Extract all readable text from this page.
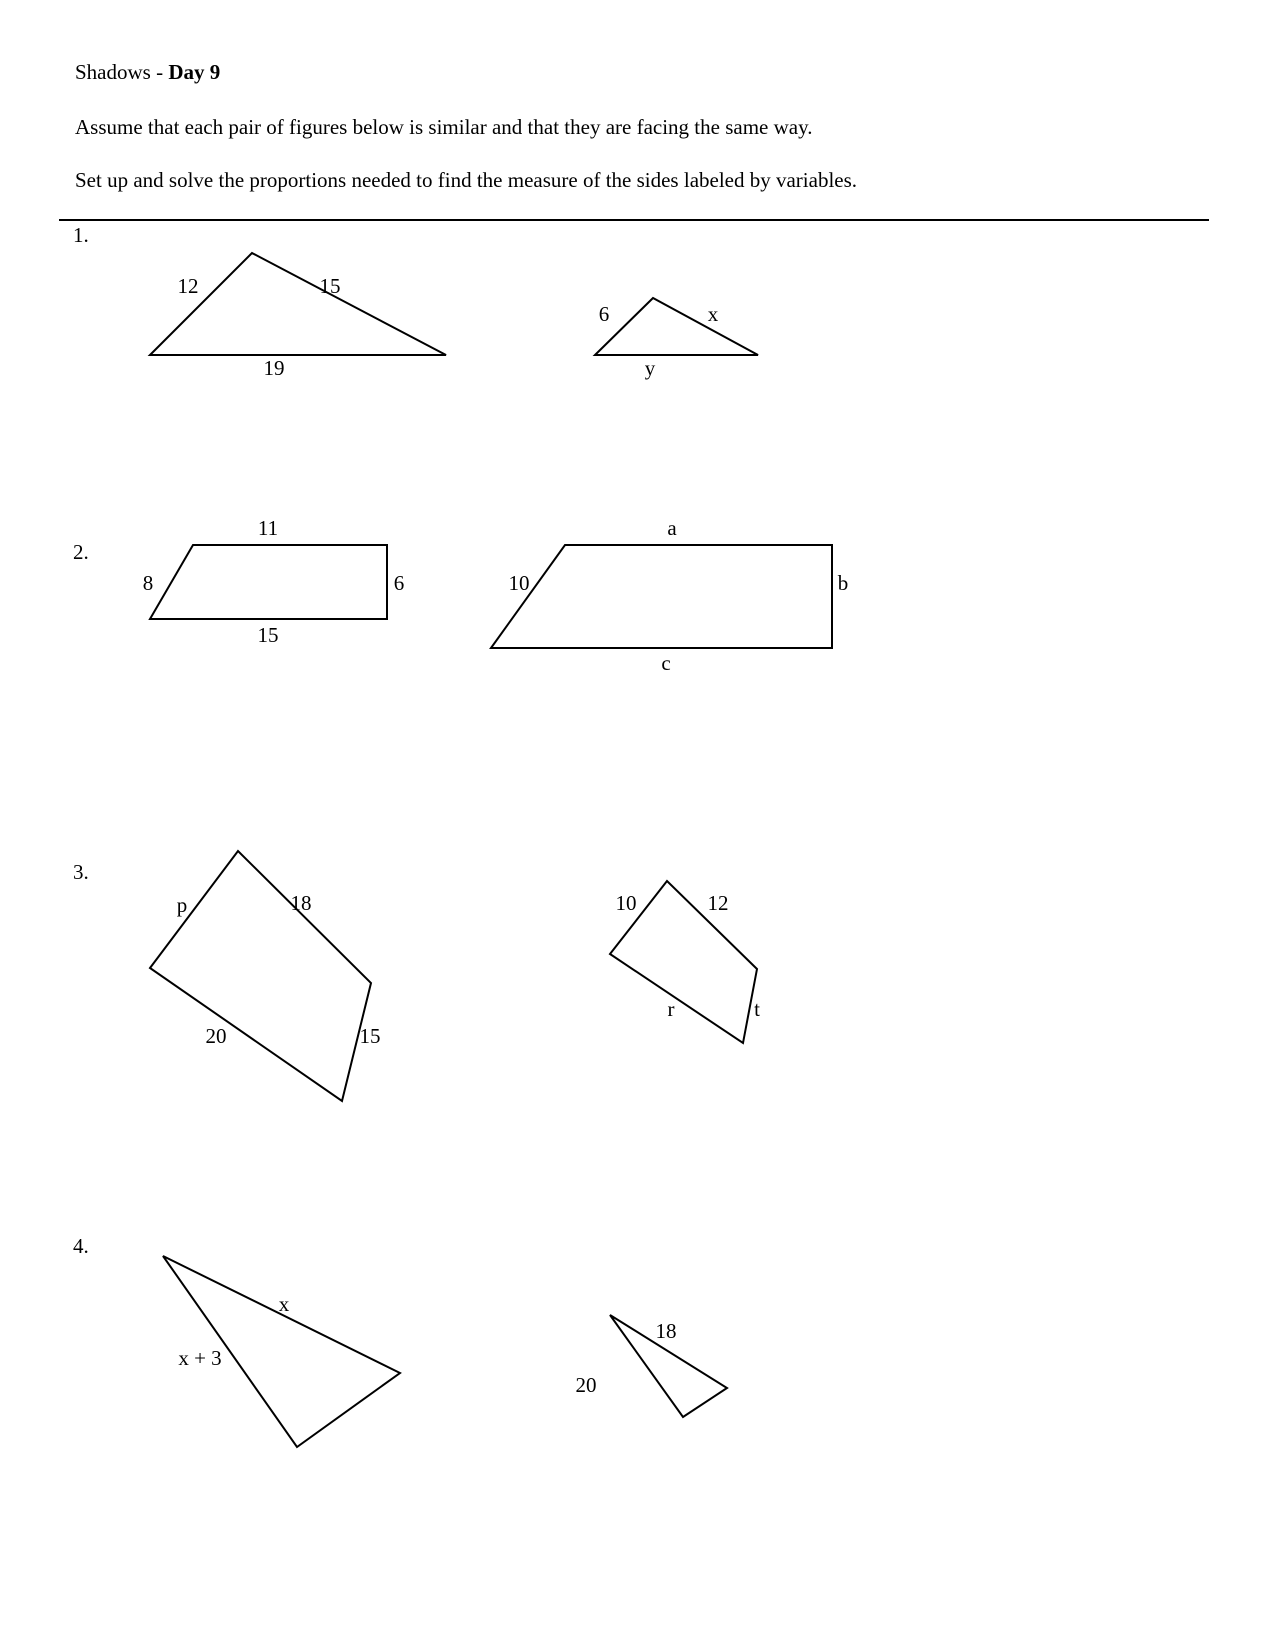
Shadows - Day 9
Assume that each pair of figures below is similar and that they are facing the same way.
Set up and solve the proportions needed to find the measure of the sides labeled by variables.
1.
2.
3.
4.
12	15
19
6	x
y
11
8	6
15
a
10	b
c
p	18
20	15
10	12
r	t
x
x + 3
18
20
